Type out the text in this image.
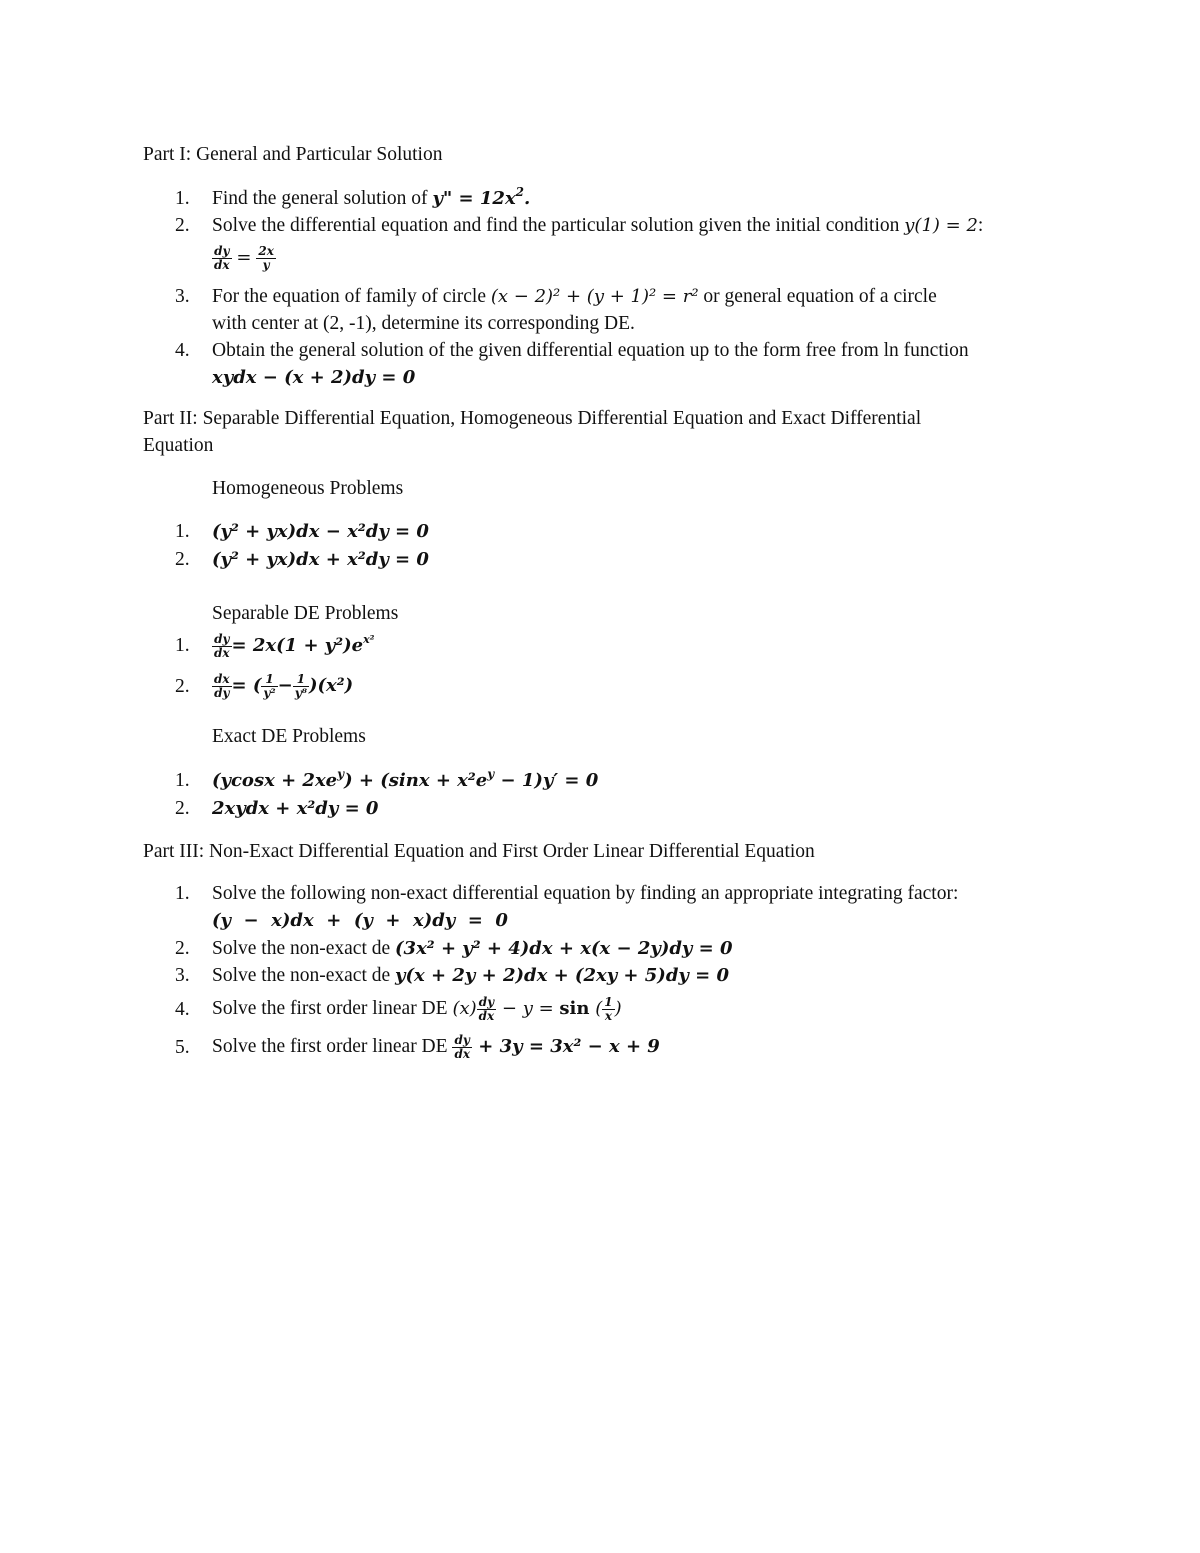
Part I: General and Particular Solution
1. Find the general solution of y" = $12x^2$.
2. Solve the differential equation and find the particular solution given the initial condition y(1) = 2:
$\frac{dy}{dx} = \frac{2x}{y}$
3. For the equation of family of circle (x − 2)² + (y + 1)² = r² or general equation of a circle
with center at (2, -1), determine its corresponding DE.
4. Obtain the general solution of the given differential equation up to the form free from ln function
xydx − (x + 2)dy = 0
Part II: Separable Differential Equation, Homogeneous Differential Equation and Exact Differential
Equation
Homogeneous Problems
1. (y² + yx)dx − x²dy = 0
2. (y² + yx)dx + x²dy = 0
Separable DE Problems
1. $\frac{dy}{dx} = 2x(1 + y^2)e^{x^2}$
2. $\frac{dx}{dy}$ = ( $\frac{1}{\text{y²}} - \frac{1}{\text{y⁸}} )(x^2)$
Exact DE Problems
1. $(ycosx + 2xe^y) + (\sin x + x^2e^y - 1)y' = 0$
2. 2xydx + x²dy = 0
Part III: Non-Exact Differential Equation and First Order Linear Differential Equation
1. Solve the following non-exact differential equation by finding an appropriate integrating factor:
(y  −  x)dx  +  (y  +  x)dy  =  0
2. Solve the non-exact de (3x² + y² + 4)dx + x(x − 2y)dy = 0
3. Solve the non-exact de y(x + 2y + 2)dx + (2xy + 5)dy = 0
4. Solve the first order linear DE $(x) \frac{dy}{dx} - y = \sin$ ( $\frac{1}{x}$ )
5. Solve the first order linear DE $\frac{dy}{dx} + 3y = 3x^2 - x + 9$
